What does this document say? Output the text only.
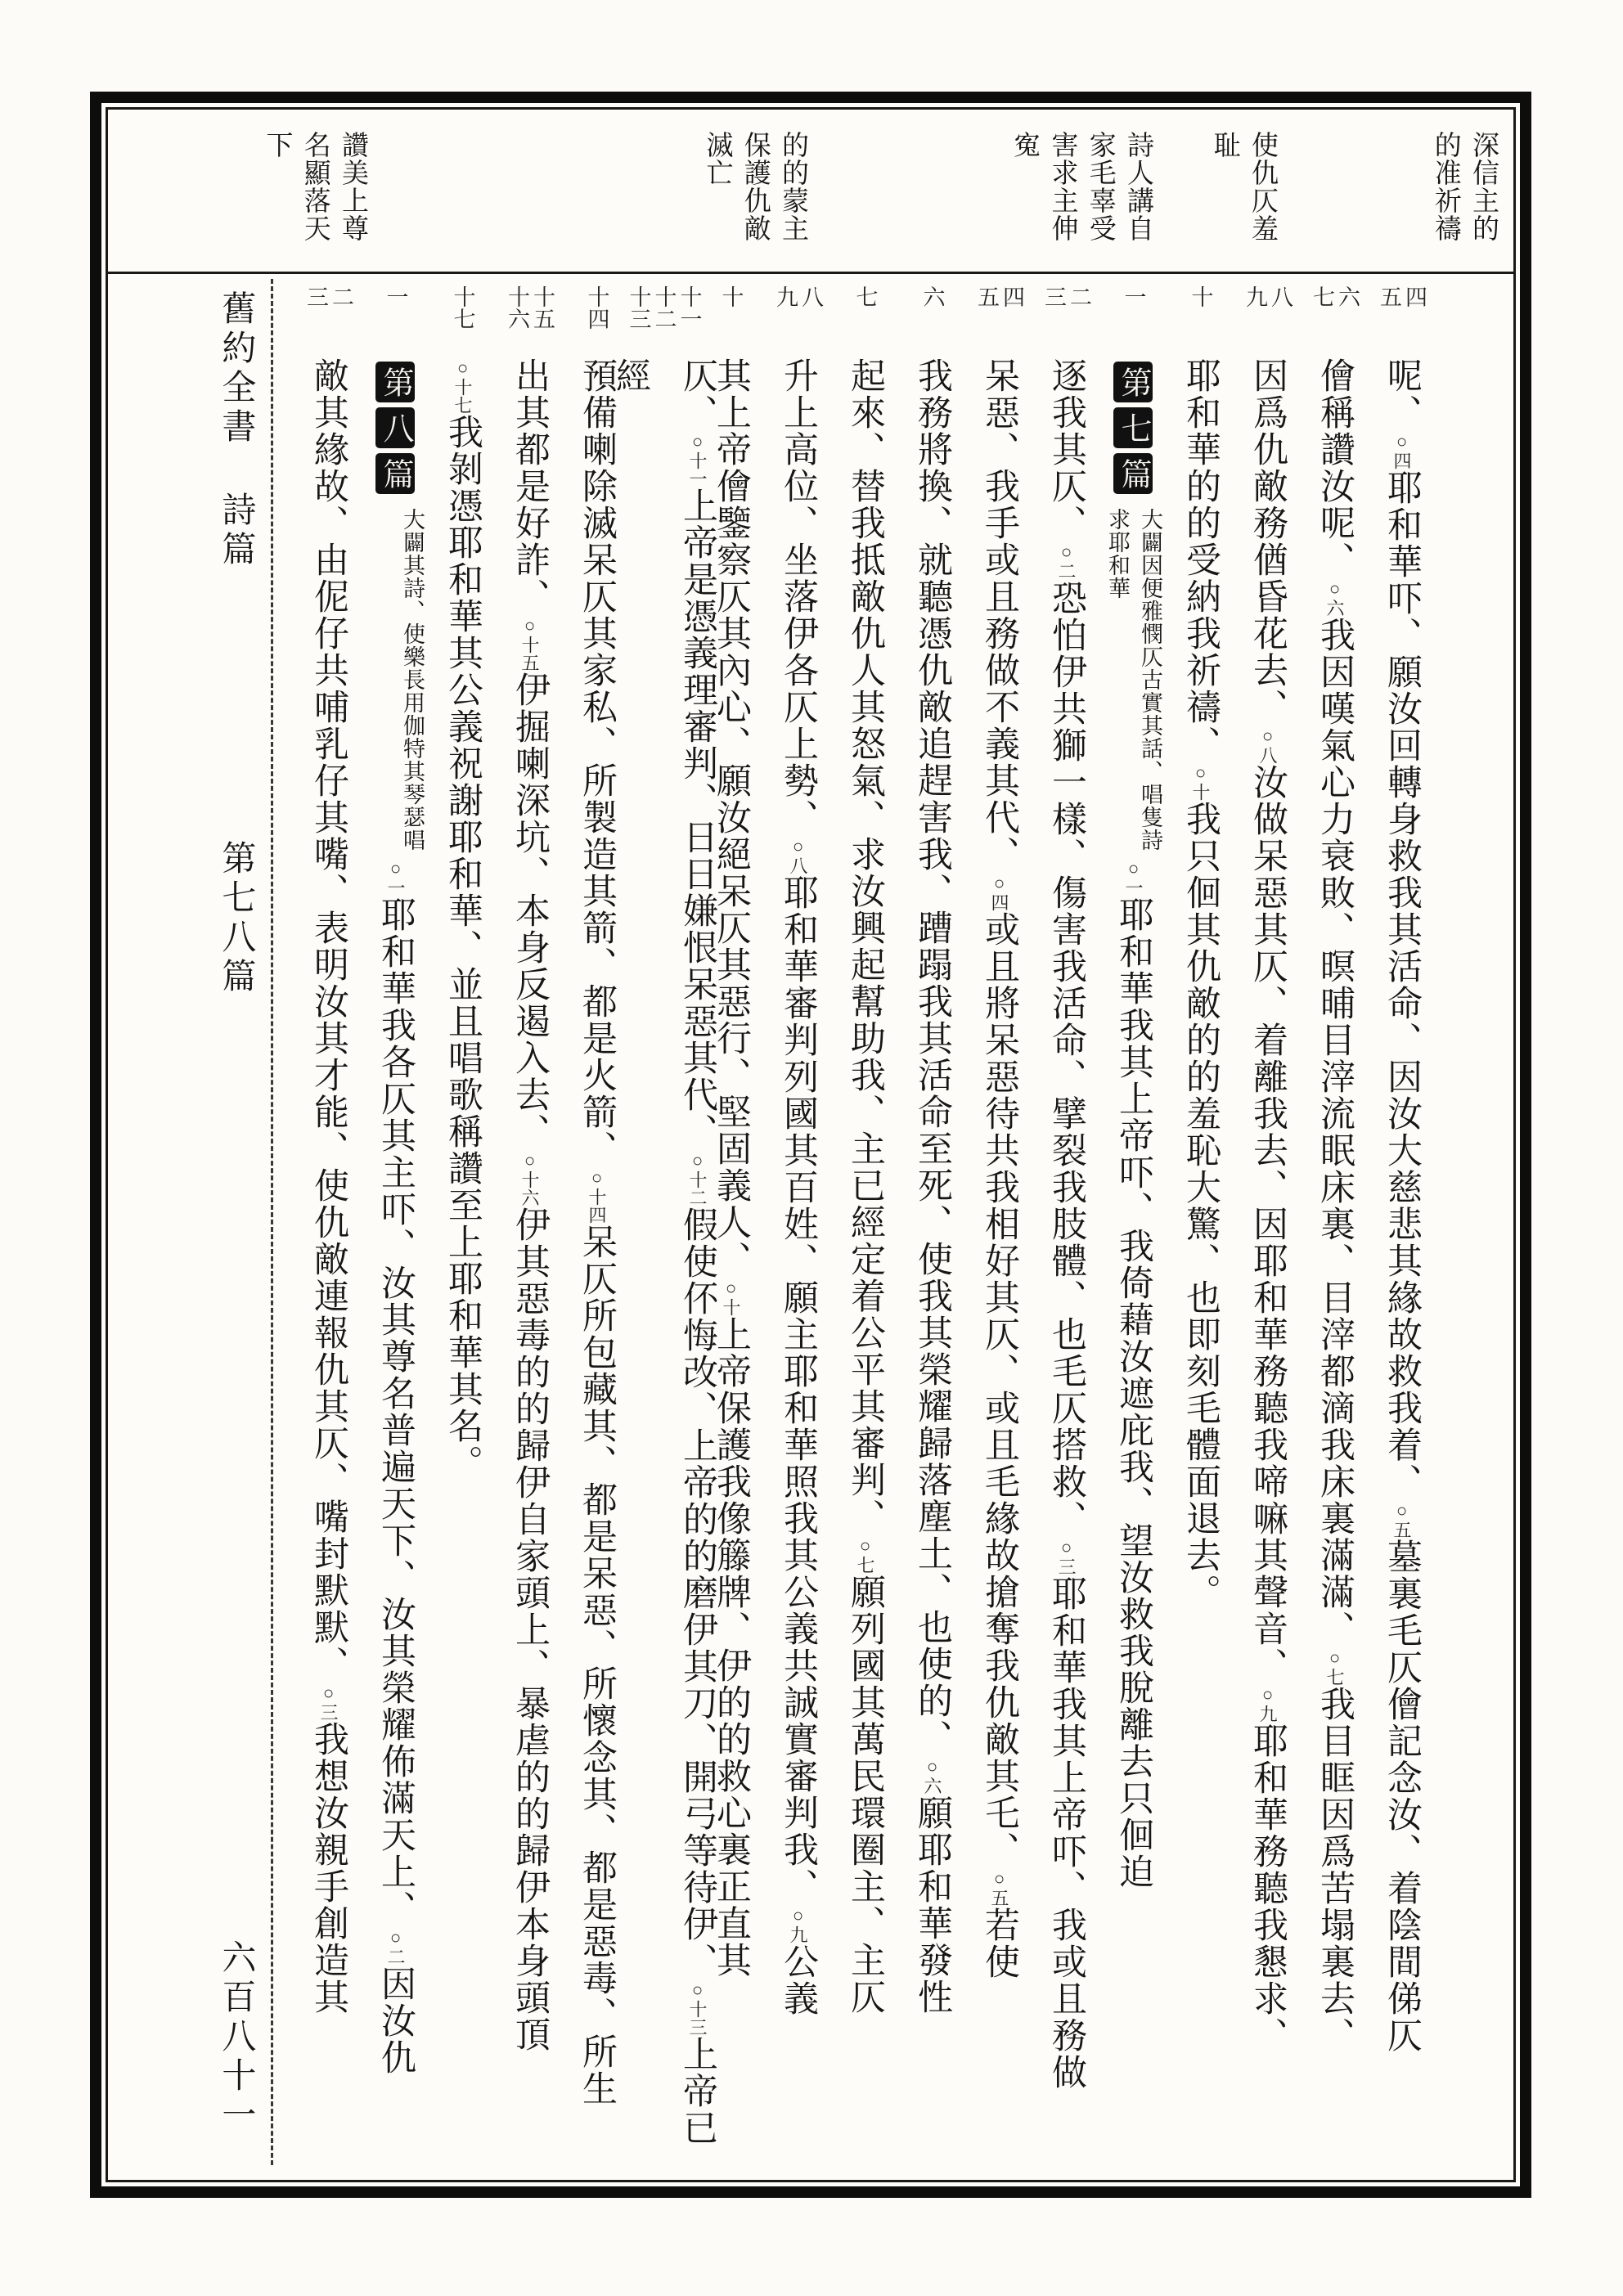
深信主的
的准祈禱
使仇仄羞
耻
詩人講自
家毛辜受
害求主伸
寃
的的蒙主
保護仇敵
滅亡
讚美上尊
名顯落天
下
四
五
呢、○四耶和華吓、願汝回轉身救我其活命、因汝大慈悲其緣故救我着、○五墓裏毛仄儈記念汝、着陰間俤仄
六
七
儈稱讚汝呢、○六我因嘆氣心力衰敗、暝晡目滓流眠床裏、目滓都滴我床裏滿滿、○七我目眶因爲苦塌裏去、
八
九
因爲仇敵務偤昏花去、○八汝做呆惡其仄、着離我去、因耶和華務聽我啼嘛其聲音、○九耶和華務聽我懇求、
十
耶和華的的受納我祈禱、○十我只佪其仇敵的的羞恥大驚、也即刻毛體面退去。
一
第七篇大闢因便雅憫仄古實其話、唱隻詩求耶和華○一耶和華我其上帝吓、我倚藉汝遮庇我、望汝救我脫離去只佪迫
二
三
逐我其仄、○二恐怕伊共獅一樣、傷害我活命、擘裂我肢體、也毛仄搭救、○三耶和華我其上帝吓、我或且務做
四
五
呆惡、我手或且務做不義其代、○四或且將呆惡待共我相好其仄、或且毛緣故搶奪我仇敵其乇、○五若使
六
我務將換、就聽憑仇敵追趕害我、蹧蹋我其活命至死、使我其榮耀歸落塵土、也使的、○六願耶和華發性
七
起來、替我抵敵仇人其怒氣、求汝興起幫助我、主已經定着公平其審判、○七願列國其萬民環圈主、主仄
八
九
升上高位、坐落伊各仄上勢、○八耶和華審判列國其百姓、願主耶和華照我其公義共誠實審判我、○九公義
十
其上帝儈鑒察仄其內心、願汝絕呆仄其惡行、堅固義人、○十上帝保護我像籐牌、伊的的救心裏正直其
十一
十二
十三
仄、○十一上帝是憑義理審判、日日嫌恨呆惡其代、○十二假使伓悔改、上帝的的磨伊其刀、開弓等待伊、○十三上帝已經
十四
預備喇除滅呆仄其家私、所製造其箭、都是火箭、○十四呆仄所包藏其、都是呆惡、所懷念其、都是惡毒、所生
十五
十六
出其都是好詐、○十五伊掘喇深坑、本身反遏入去、○十六伊其惡毒的的歸伊自家頭上、暴虐的的歸伊本身頭頂
十七
○十七我剝憑耶和華其公義祝謝耶和華、並且唱歌稱讚至上耶和華其名。
一
第八篇大闢其詩、使樂長用伽特其琴瑟唱○一耶和華我各仄其主吓、汝其尊名普遍天下、汝其榮耀佈滿天上、○二因汝仇
二
三
敵其緣故、由伲仔共哺乳仔其嘴、表明汝其才能、使仇敵連報仇其仄、嘴封默默、○三我想汝親手創造其
舊約全書
詩篇
第七八篇
六百八十一
